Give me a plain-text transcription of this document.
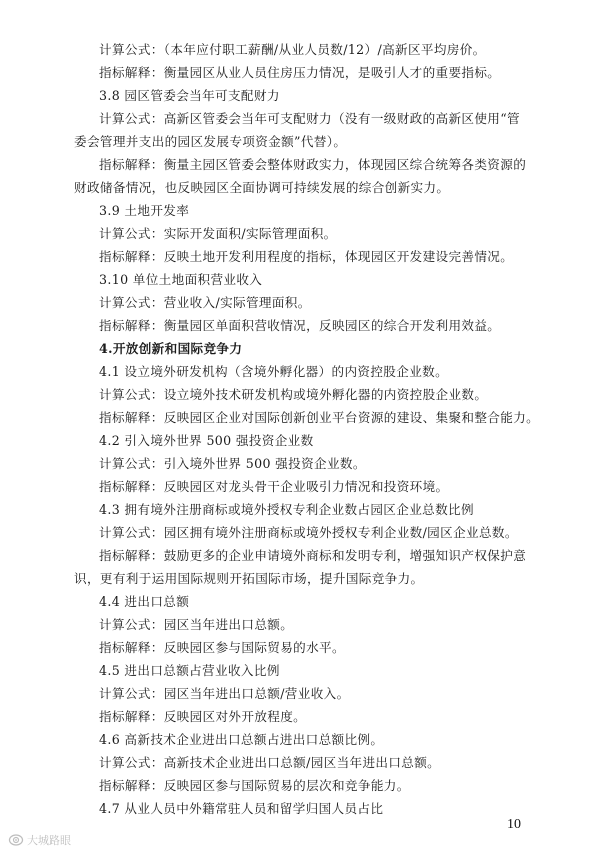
计算公式：（本年应付职工薪酬/从业人员数/12）/高新区平均房价。
指标解释：衡量园区从业人员住房压力情况，是吸引人才的重要指标。
3.8 园区管委会当年可支配财力
计算公式：高新区管委会当年可支配财力（没有一级财政的高新区使用“管
委会管理并支出的园区发展专项资金额”代替）。
指标解释：衡量主园区管委会整体财政实力，体现园区综合统筹各类资源的
财政储备情况，也反映园区全面协调可持续发展的综合创新实力。
3.9 土地开发率
计算公式：实际开发面积/实际管理面积。
指标解释：反映土地开发利用程度的指标，体现园区开发建设完善情况。
3.10 单位土地面积营业收入
计算公式：营业收入/实际管理面积。
指标解释：衡量园区单面积营收情况，反映园区的综合开发利用效益。
4.开放创新和国际竞争力
4.1 设立境外研发机构（含境外孵化器）的内资控股企业数。
计算公式：设立境外技术研发机构或境外孵化器的内资控股企业数。
指标解释：反映园区企业对国际创新创业平台资源的建设、集聚和整合能力。
4.2 引入境外世界 500 强投资企业数
计算公式：引入境外世界 500 强投资企业数。
指标解释：反映园区对龙头骨干企业吸引力情况和投资环境。
4.3 拥有境外注册商标或境外授权专利企业数占园区企业总数比例
计算公式：园区拥有境外注册商标或境外授权专利企业数/园区企业总数。
指标解释：鼓励更多的企业申请境外商标和发明专利，增强知识产权保护意
识，更有利于运用国际规则开拓国际市场，提升国际竞争力。
4.4 进出口总额
计算公式：园区当年进出口总额。
指标解释：反映园区参与国际贸易的水平。
4.5 进出口总额占营业收入比例
计算公式：园区当年进出口总额/营业收入。
指标解释：反映园区对外开放程度。
4.6 高新技术企业进出口总额占进出口总额比例。
计算公式：高新技术企业进出口总额/园区当年进出口总额。
指标解释：反映园区参与国际贸易的层次和竞争能力。
4.7 从业人员中外籍常驻人员和留学归国人员占比
10
大城路眼
